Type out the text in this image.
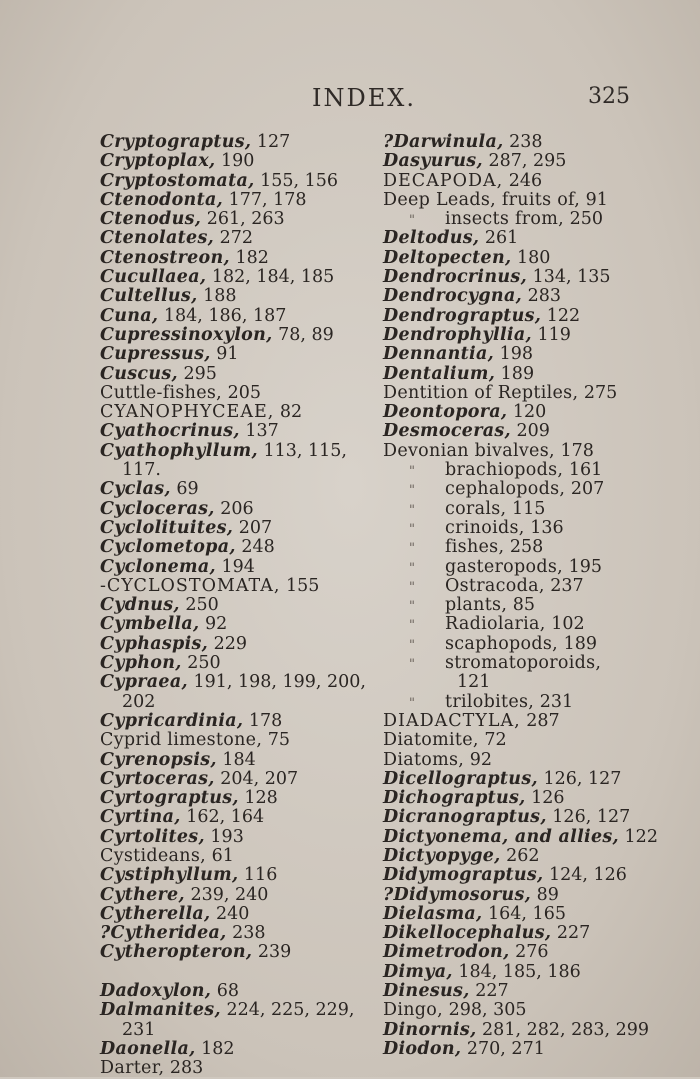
INDEX.	325
Cryptograptus, 127
Cryptoplax, 190
Cryptostomata, 155, 156
Ctenodonta, 177, 178
Ctenodus, 261, 263
Ctenolates, 272
Ctenostreon, 182
Cucullaea, 182, 184, 185
Cultellus, 188
Cuna, 184, 186, 187
Cupressinoxylon, 78, 89
Cupressus, 91
Cuscus, 295
Cuttle-fishes, 205
CYANOPHYCEAE, 82
Cyathocrinus, 137
Cyathophyllum, 113, 115,
117.
Cyclas, 69
Cycloceras, 206
Cyclolituites, 207
Cyclometopa, 248
Cyclonema, 194
-CYCLOSTOMATA, 155
Cydnus, 250
Cymbella, 92
Cyphaspis, 229
Cyphon, 250
Cypraea, 191, 198, 199, 200,
202
Cypricardinia, 178
Cyprid limestone, 75
Cyrenopsis, 184
Cyrtoceras, 204, 207
Cyrtograptus, 128
Cyrtina, 162, 164
Cyrtolites, 193
Cystideans, 61
Cystiphyllum, 116
Cythere, 239, 240
Cytherella, 240
?Cytheridea, 238
Cytheropteron, 239
Dadoxylon, 68
Dalmanites, 224, 225, 229,
231
Daonella, 182
Darter, 283
?Darwinula, 238
Dasyurus, 287, 295
DECAPODA, 246
Deep Leads, fruits of, 91
" insects from, 250
Deltodus, 261
Deltopecten, 180
Dendrocrinus, 134, 135
Dendrocygna, 283
Dendrograptus, 122
Dendrophyllia, 119
Dennantia, 198
Dentalium, 189
Dentition of Reptiles, 275
Deontopora, 120
Desmoceras, 209
Devonian bivalves, 178
" brachiopods, 161
" cephalopods, 207
" corals, 115
" crinoids, 136
" fishes, 258
" gasteropods, 195
" Ostracoda, 237
" plants, 85
" Radiolaria, 102
" scaphopods, 189
" stromatoporoids,
121
" trilobites, 231
DIADACTYLA, 287
Diatomite, 72
Diatoms, 92
Dicellograptus, 126, 127
Dichograptus, 126
Dicranograptus, 126, 127
Dictyonema, and allies, 122
Dictyopyge, 262
Didymograptus, 124, 126
?Didymosorus, 89
Dielasma, 164, 165
Dikellocephalus, 227
Dimetrodon, 276
Dimya, 184, 185, 186
Dinesus, 227
Dingo, 298, 305
Dinornis, 281, 282, 283, 299
Diodon, 270, 271
